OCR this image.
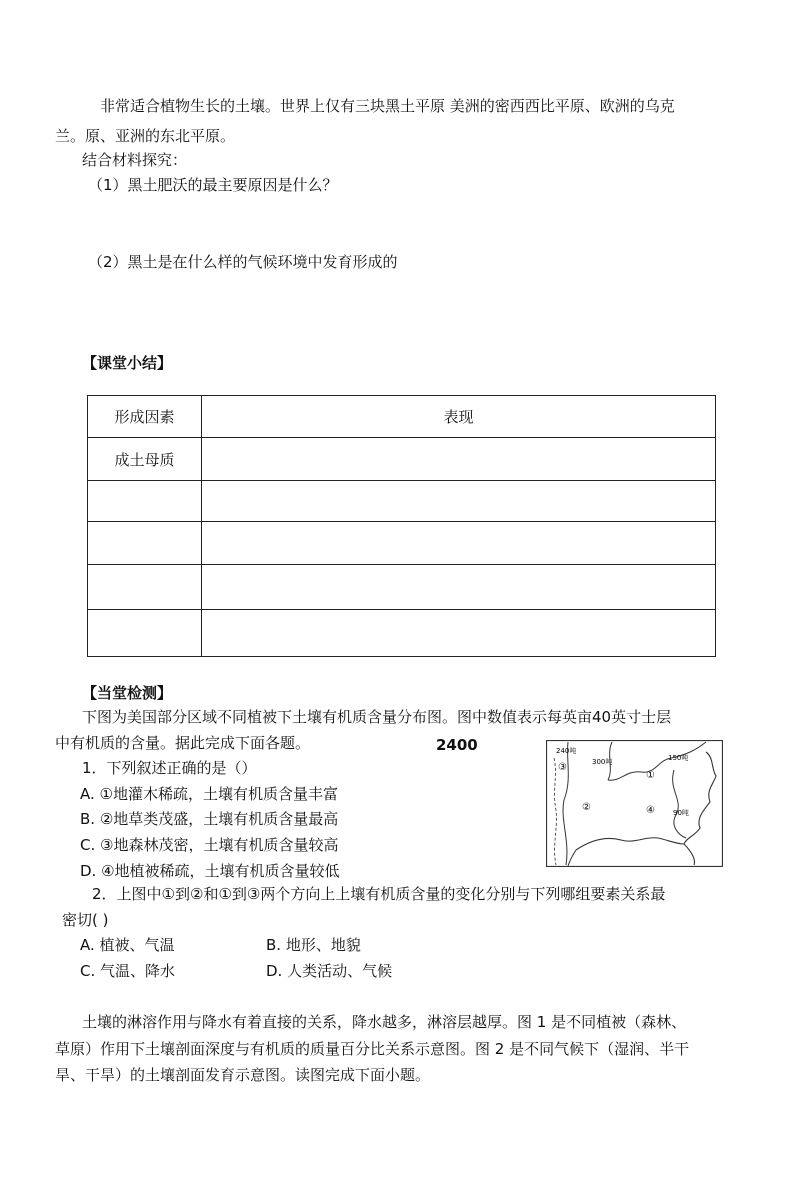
非常适合植物生长的土壤。世界上仅有三块黑土平原 美洲的密西西比平原、欧洲的乌克
兰。原、亚洲的东北平原。
结合材料探究：
（1）黑土肥沃的最主要原因是什么？
（2）黑土是在什么样的气候环境中发育形成的
【课堂小结】
形成因素	表现
成土母质	

【当堂检测】
下图为美国部分区域不同植被下土壤有机质含量分布图。图中数值表示每英亩40英寸士层
中有机质的含量。据此完成下面各题。	2400
1．下列叙述正确的是（）
A. ①地灌木稀疏，土壤有机质含量丰富
B. ②地草类茂盛，土壤有机质含量最高
C. ③地森林茂密，土壤有机质含量较高
D. ④地植被稀疏，土壤有机质含量较低
240吨
300吨	150吨
90吨
③
②
①
④
2．上图中①到②和①到③两个方向上上壤有机质含量的变化分别与下列哪组要素关系最
密切( )
A. 植被、气温	B. 地形、地貌
C. 气温、降水	D. 人类活动、气候
土壤的淋溶作用与降水有着直接的关系，降水越多，淋溶层越厚。图 1 是不同植被（森林、
草原）作用下土壤剖面深度与有机质的质量百分比关系示意图。图 2 是不同气候下（湿润、半干
旱、干旱）的土壤剖面发育示意图。读图完成下面小题。
